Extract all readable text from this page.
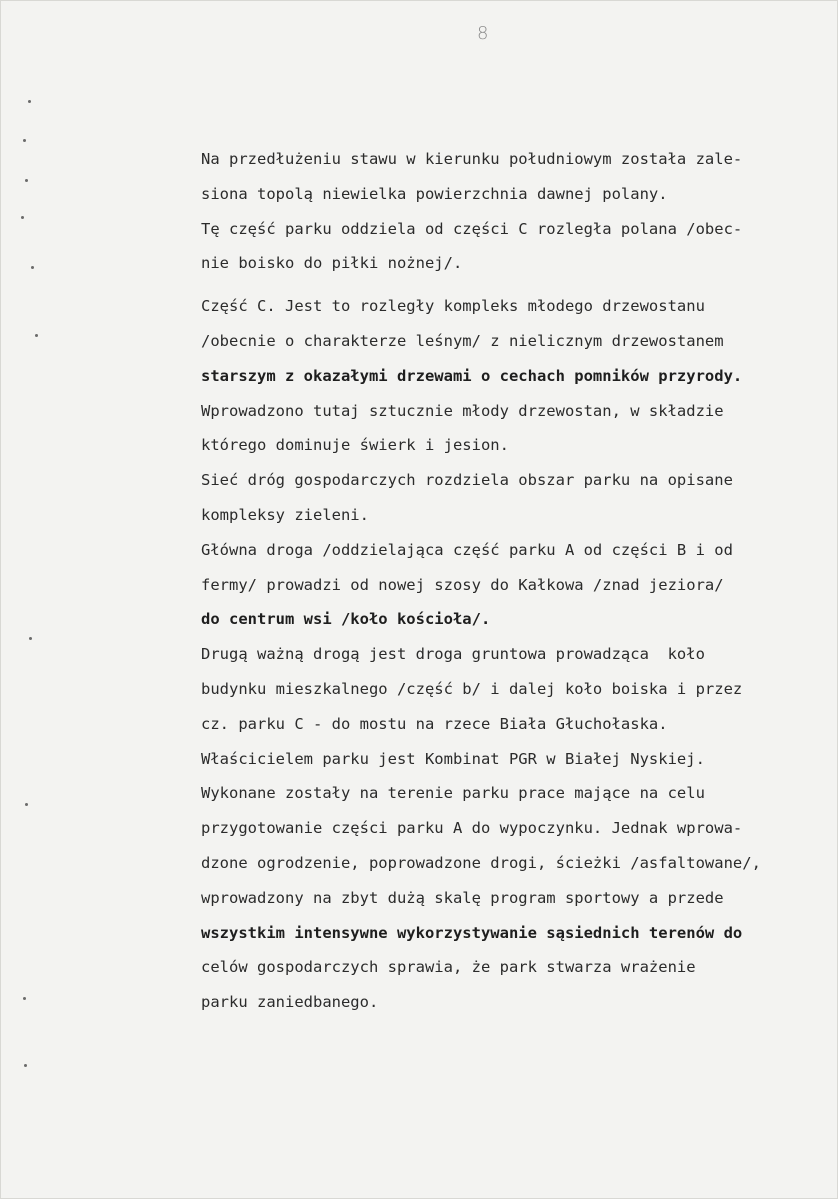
8
Na przedłużeniu stawu w kierunku południowym została zale-
siona topolą niewielka powierzchnia dawnej polany.
Tę część parku oddziela od części C rozległa polana /obec-
nie boisko do piłki nożnej/.
Część C. Jest to rozległy kompleks młodego drzewostanu
/obecnie o charakterze leśnym/ z nielicznym drzewostanem
starszym z okazałymi drzewami o cechach pomników przyrody.
Wprowadzono tutaj sztucznie młody drzewostan, w składzie
którego dominuje świerk i jesion.
Sieć dróg gospodarczych rozdziela obszar parku na opisane
kompleksy zieleni.
Główna droga /oddzielająca część parku A od części B i od
fermy/ prowadzi od nowej szosy do Kałkowa /znad jeziora/
do centrum wsi /koło kościoła/.
Drugą ważną drogą jest droga gruntowa prowadząca  koło
budynku mieszkalnego /część b/ i dalej koło boiska i przez
cz. parku C - do mostu na rzece Biała Głuchołaska.
Właścicielem parku jest Kombinat PGR w Białej Nyskiej.
Wykonane zostały na terenie parku prace mające na celu
przygotowanie części parku A do wypoczynku. Jednak wprowa-
dzone ogrodzenie, poprowadzone drogi, ścieżki /asfaltowane/,
wprowadzony na zbyt dużą skalę program sportowy a przede
wszystkim intensywne wykorzystywanie sąsiednich terenów do
celów gospodarczych sprawia, że park stwarza wrażenie
parku zaniedbanego.
